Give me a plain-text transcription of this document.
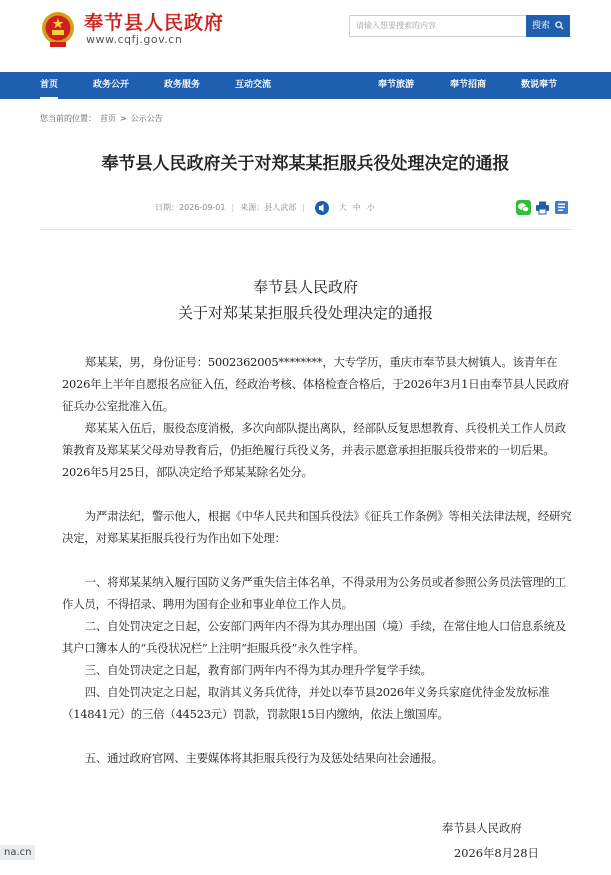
奉节县人民政府
www.cqfj.gov.cn
请输入想要搜索的内容	搜索
首页	政务公开	政务服务	互动交流	奉节旅游	奉节招商	数说奉节
您当前的位置： 首页 > 公示公告
奉节县人民政府关于对郑某某拒服兵役处理决定的通报
日期：2026-09-01 | 来源：县人武部 |	大 中 小
奉节县人民政府
关于对郑某某拒服兵役处理决定的通报

郑某某，男，身份证号：5002362005********，大专学历，重庆市奉节县大树镇人。该青年在2026年上半年自愿报名应征入伍，经政治考核、体格检查合格后，于2026年3月1日由奉节县人民政府征兵办公室批准入伍。

郑某某入伍后，服役态度消极，多次向部队提出离队，经部队反复思想教育、兵役机关工作人员政策教育及郑某某父母劝导教育后，仍拒绝履行兵役义务，并表示愿意承担拒服兵役带来的一切后果。2026年5月25日，部队决定给予郑某某除名处分。

为严肃法纪，警示他人，根据《中华人民共和国兵役法》《征兵工作条例》等相关法律法规，经研究决定，对郑某某拒服兵役行为作出如下处理：

一、将郑某某纳入履行国防义务严重失信主体名单，不得录用为公务员或者参照公务员法管理的工作人员，不得招录、聘用为国有企业和事业单位工作人员。

二、自处罚决定之日起，公安部门两年内不得为其办理出国（境）手续，在常住地人口信息系统及其户口簿本人的“兵役状况栏”上注明“拒服兵役”永久性字样。

三、自处罚决定之日起，教育部门两年内不得为其办理升学复学手续。

四、自处罚决定之日起，取消其义务兵优待，并处以奉节县2026年义务兵家庭优待金发放标准（14841元）的三倍（44523元）罚款，罚款限15日内缴纳，依法上缴国库。

五、通过政府官网、主要媒体将其拒服兵役行为及惩处结果向社会通报。

奉节县人民政府
2026年8月28日
na.cn
